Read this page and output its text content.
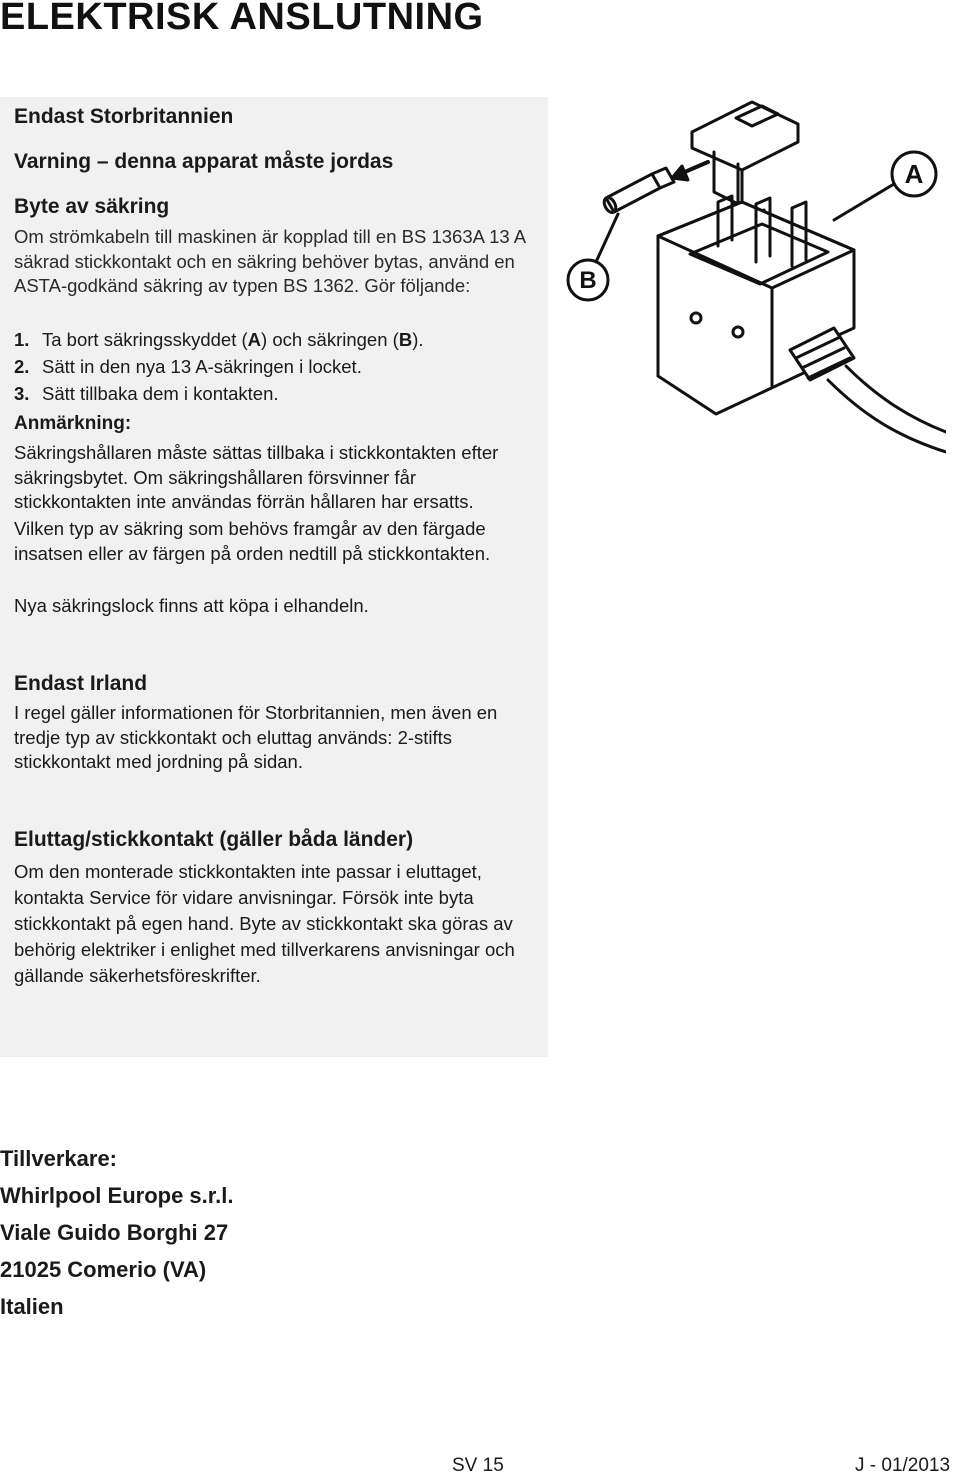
ELEKTRISK ANSLUTNING
Endast Storbritannien
Varning – denna apparat måste jordas
Byte av säkring

Om strömkabeln till maskinen är kopplad till en BS 1363A 13 A säkrad stickkontakt och en säkring behöver bytas, använd en ASTA-godkänd säkring av typen BS 1362. Gör följande:

1. Ta bort säkringsskyddet (A) och säkringen (B).
2. Sätt in den nya 13 A-säkringen i locket.
3. Sätt tillbaka dem i kontakten.
Anmärkning:

Säkringshållaren måste sättas tillbaka i stickkontakten efter säkringsbytet. Om säkringshållaren försvinner får stickkontakten inte användas förrän hållaren har ersatts.

Vilken typ av säkring som behövs framgår av den färgade insatsen eller av färgen på orden nedtill på stickkontakten.

Nya säkringslock finns att köpa i elhandeln.

Endast Irland

I regel gäller informationen för Storbritannien, men även en tredje typ av stickkontakt och eluttag används: 2-stifts stickkontakt med jordning på sidan.

Eluttag/stickkontakt (gäller båda länder)

Om den monterade stickkontakten inte passar i eluttaget, kontakta Service för vidare anvisningar. Försök inte byta stickkontakt på egen hand. Byte av stickkontakt ska göras av behörig elektriker i enlighet med tillverkarens anvisningar och gällande säkerhetsföreskrifter.

A
B
Tillverkare:
Whirlpool Europe s.r.l.
Viale Guido Borghi 27
21025 Comerio (VA)
Italien
SV 15	J - 01/2013
